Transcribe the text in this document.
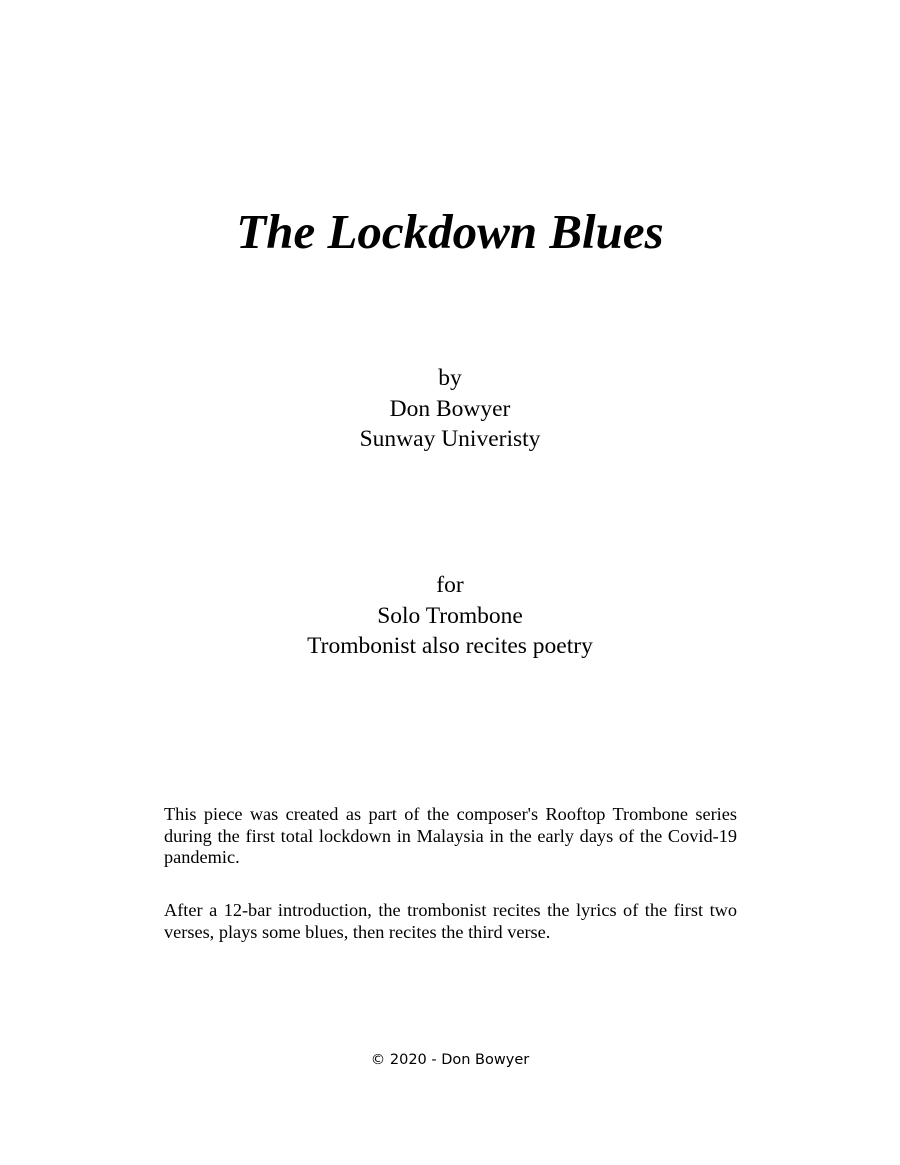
The Lockdown Blues
by
Don Bowyer
Sunway Univeristy
for
Solo Trombone
Trombonist also recites poetry

This piece was created as part of the composer's Rooftop Trombone series during the first total lockdown in Malaysia in the early days of the Covid-19 pandemic.

After a 12-bar introduction, the trombonist recites the lyrics of the first two verses, plays some blues, then recites the third verse.

© 2020 - Don Bowyer
